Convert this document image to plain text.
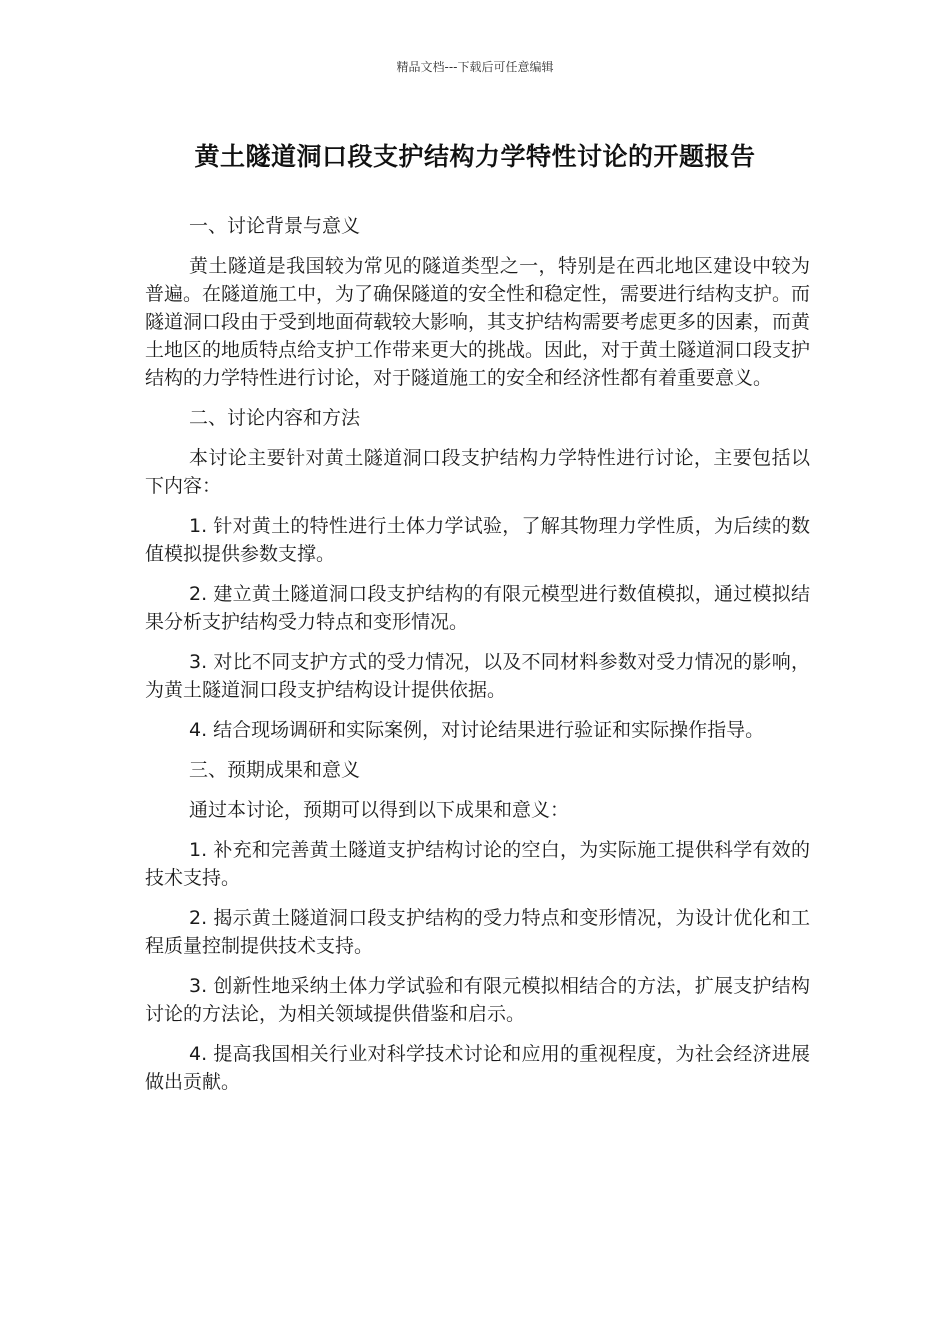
精品文档---下载后可任意编辑
黄土隧道洞口段支护结构力学特性讨论的开题报告

一、讨论背景与意义

黄土隧道是我国较为常见的隧道类型之一，特别是在西北地区建设中较为普遍。在隧道施工中，为了确保隧道的安全性和稳定性，需要进行结构支护。而隧道洞口段由于受到地面荷载较大影响，其支护结构需要考虑更多的因素，而黄土地区的地质特点给支护工作带来更大的挑战。因此，对于黄土隧道洞口段支护结构的力学特性进行讨论，对于隧道施工的安全和经济性都有着重要意义。

二、讨论内容和方法

本讨论主要针对黄土隧道洞口段支护结构力学特性进行讨论，主要包括以下内容：

1. 针对黄土的特性进行土体力学试验，了解其物理力学性质，为后续的数值模拟提供参数支撑。

2. 建立黄土隧道洞口段支护结构的有限元模型进行数值模拟，通过模拟结果分析支护结构受力特点和变形情况。

3. 对比不同支护方式的受力情况，以及不同材料参数对受力情况的影响，为黄土隧道洞口段支护结构设计提供依据。

4. 结合现场调研和实际案例，对讨论结果进行验证和实际操作指导。

三、预期成果和意义

通过本讨论，预期可以得到以下成果和意义：

1. 补充和完善黄土隧道支护结构讨论的空白，为实际施工提供科学有效的技术支持。

2. 揭示黄土隧道洞口段支护结构的受力特点和变形情况，为设计优化和工程质量控制提供技术支持。

3. 创新性地采纳土体力学试验和有限元模拟相结合的方法，扩展支护结构讨论的方法论，为相关领域提供借鉴和启示。

4. 提高我国相关行业对科学技术讨论和应用的重视程度，为社会经济进展做出贡献。
